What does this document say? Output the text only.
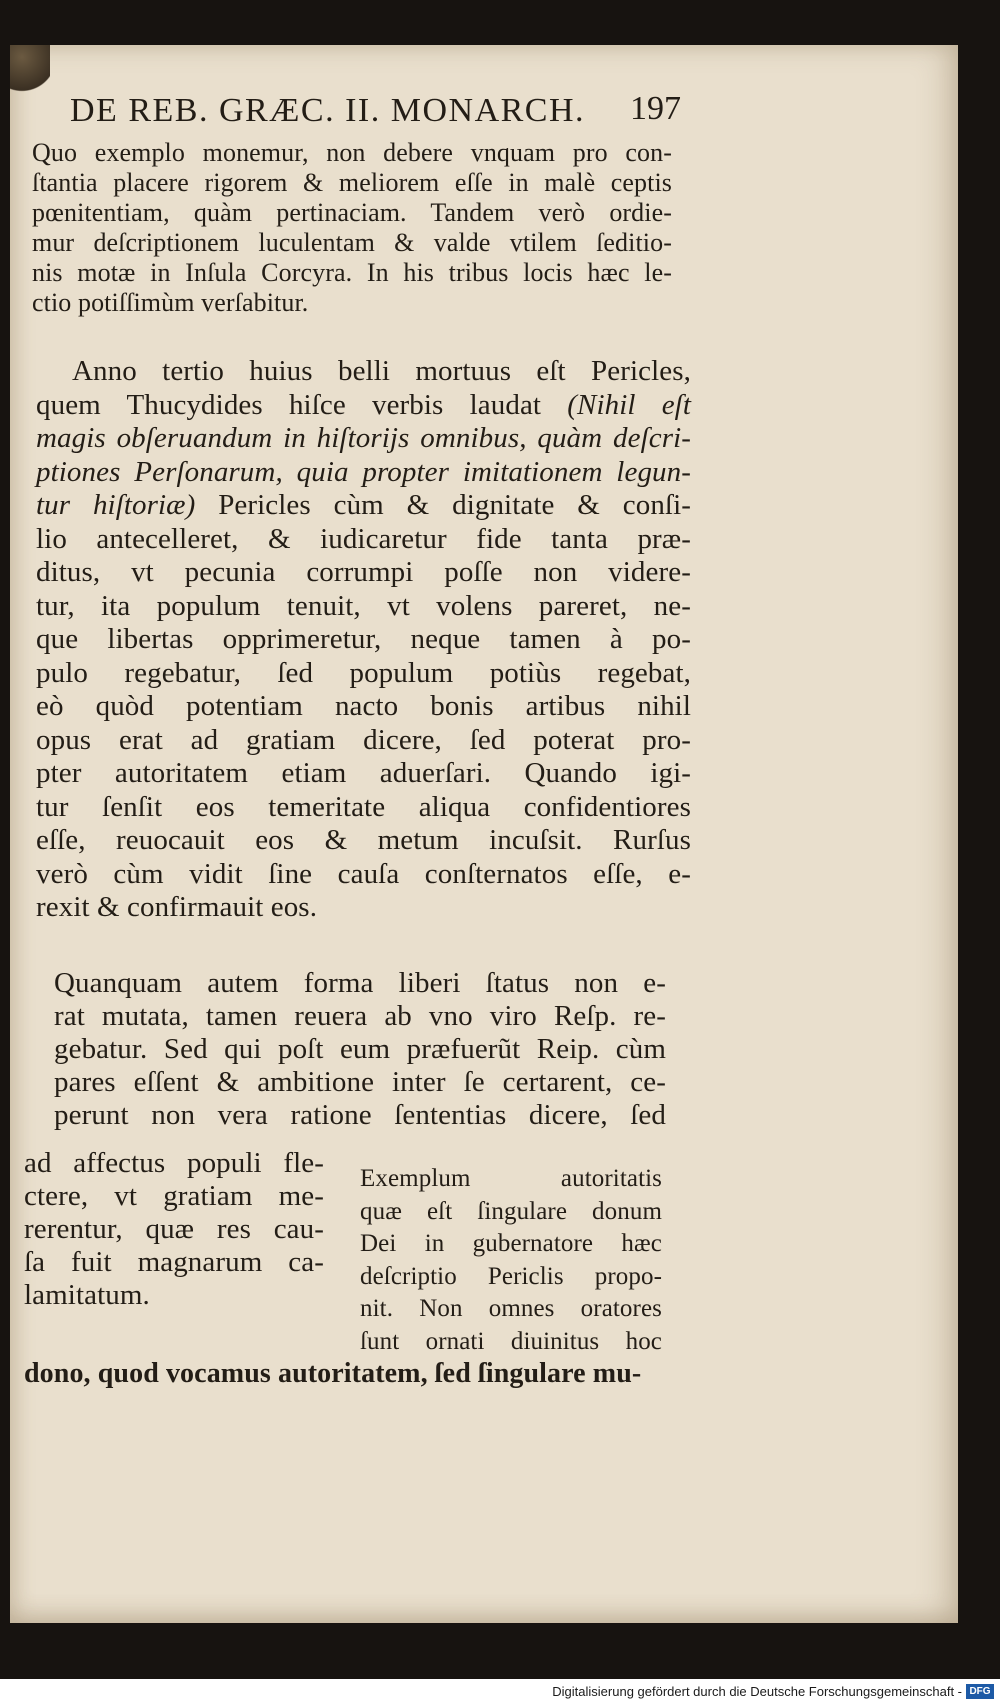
DE REB. GRÆC. II. MONARCH. 197
Quo exemplo monemur, non debere vnquam pro con-
ſtantia placere rigorem & meliorem eſſe in malè ceptis
pœnitentiam, quàm pertinaciam. Tandem verò ordie-
mur deſcriptionem luculentam & valde vtilem ſeditio-
nis motæ in Inſula Corcyra. In his tribus locis hæc le-
ctio potiſſimùm verſabitur.
Anno tertio huius belli mortuus eſt Pericles,
quem Thucydides hiſce verbis laudat (Nihil eſt
magis obſeruandum in hiſtorijs omnibus, quàm deſcri-
ptiones Perſonarum, quia propter imitationem legun-
tur hiſtoriæ) Pericles cùm & dignitate & conſi-
lio antecelleret, & iudicaretur fide tanta præ-
ditus, vt pecunia corrumpi poſſe non videre-
tur, ita populum tenuit, vt volens pareret, ne-
que libertas opprimeretur, neque tamen à po-
pulo regebatur, ſed populum potiùs regebat,
eò quòd potentiam nacto bonis artibus nihil
opus erat ad gratiam dicere, ſed poterat pro-
pter autoritatem etiam aduerſari. Quando igi-
tur ſenſit eos temeritate aliqua confidentiores
eſſe, reuocauit eos & metum incuſsit. Rurſus
verò cùm vidit ſine cauſa conſternatos eſſe, e-
rexit & confirmauit eos.
Quanquam autem forma liberi ſtatus non e-
rat mutata, tamen reuera ab vno viro Reſp. re-
gebatur. Sed qui poſt eum præfuerũt Reip. cùm
pares eſſent & ambitione inter ſe certarent, ce-
perunt non vera ratione ſententias dicere, ſed
ad affectus populi fle-
ctere, vt gratiam me-
rerentur, quæ res cau-
ſa fuit magnarum ca-
lamitatum.
Exemplum autoritatis
quæ eſt ſingulare donum
Dei in gubernatore hæc
deſcriptio Periclis propo-
nit. Non omnes oratores
ſunt ornati diuinitus hoc
dono, quod vocamus autoritatem, ſed ſingulare mu-
Digitalisierung gefördert durch die Deutsche Forschungsgemeinschaft - DFG
